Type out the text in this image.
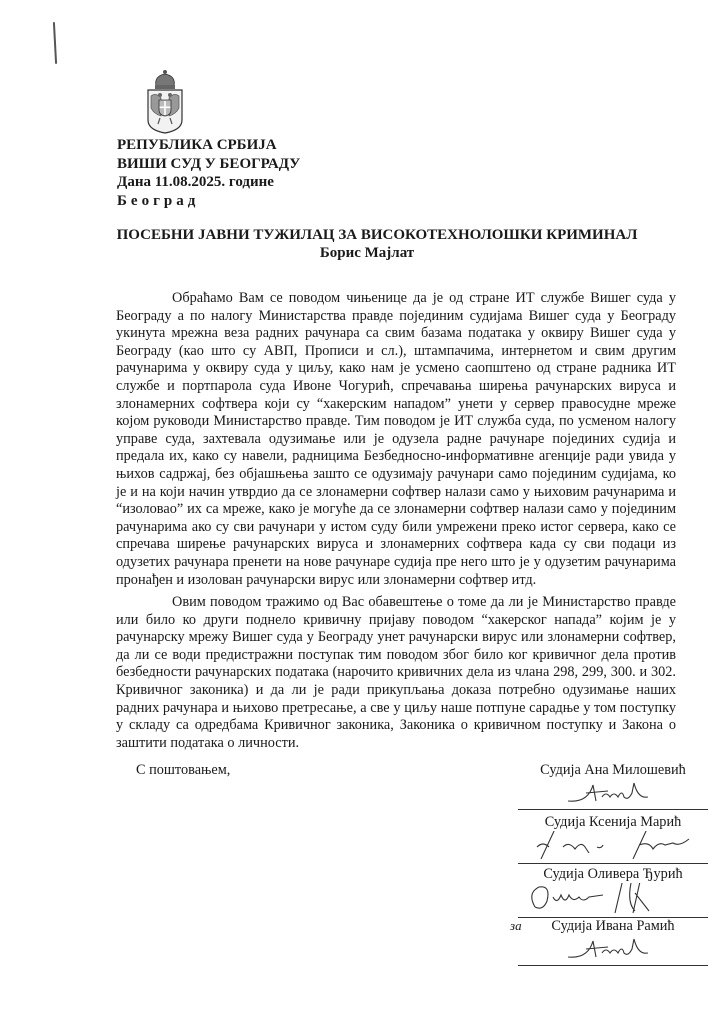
РЕПУБЛИКА СРБИЈА
ВИШИ СУД У БЕОГРАДУ
Дана 11.08.2025. године
Београд
ПОСЕБНИ ЈАВНИ ТУЖИЛАЦ ЗА ВИСОКОТЕХНОЛОШКИ КРИМИНАЛ
Борис Мајлат
Обраћамо Вам се поводом чињенице да је од стране ИТ службе Вишег суда у Београду а по налогу Министарства правде појединим судијама Вишег суда у Београду укинута мрежна веза радних рачунара са свим базама података у оквиру Вишег суда у Београду (као што су АВП, Прописи и сл.), штампачима, интернетом и свим другим рачунарима у оквиру суда у циљу, како нам је усмено саопштено од стране радника ИТ службе и портпарола суда Ивоне Чогурић, спречавања ширења рачунарских вируса и злонамерних софтвера који су “хакерским нападом” унети у сервер правосудне мреже којом руководи Министарство правде. Тим поводом је ИТ служба суда, по усменом налогу управе суда, захтевала одузимање или је одузела радне рачунаре појединих судија и предала их, како су навели, радницима Безбедносно-информативне агенције ради увида у њихов садржај, без објашњења зашто се одузимају рачунари само појединим судијама, ко је и на који начин утврдио да се злонамерни софтвер налази само у њиховим рачунарима и “изоловао” их са мреже, како је могуће да се злонамерни софтвер налази само у појединим рачунарима ако су сви рачунари у истом суду били умрежени преко истог сервера, како се спречава ширење рачунарских вируса и злонамерних софтвера када су сви подаци из одузетих рачунара пренети на нове рачунаре судија пре него што је у одузетим рачунарима пронађен и изолован рачунарски вирус или злонамерни софтвер итд.
Овим поводом тражимо од Вас обавештење о томе да ли је Министарство правде или било ко други поднело кривичну пријаву поводом “хакерског напада” којим је у рачунарску мрежу Вишег суда у Београду унет рачунарски вирус или злонамерни софтвер, да ли се води предистражни поступак тим поводом због било ког кривичног дела против безбедности рачунарских података (нарочито кривичних дела из члана 298, 299, 300. и 302. Кривичног законика) и да ли је ради прикупљања доказа потребно одузимање наших радних рачунара и њихово претресање, а све у циљу наше потпуне сарадње у том поступку у складу са одредбама Кривичног законика, Законика о кривичном поступку и Закона о заштити података о личности.
С поштовањем,	Судија Ана Милошевић
Судија Ксенија Марић
Судија Оливера Ђурић
за Судија Ивана Рамић
